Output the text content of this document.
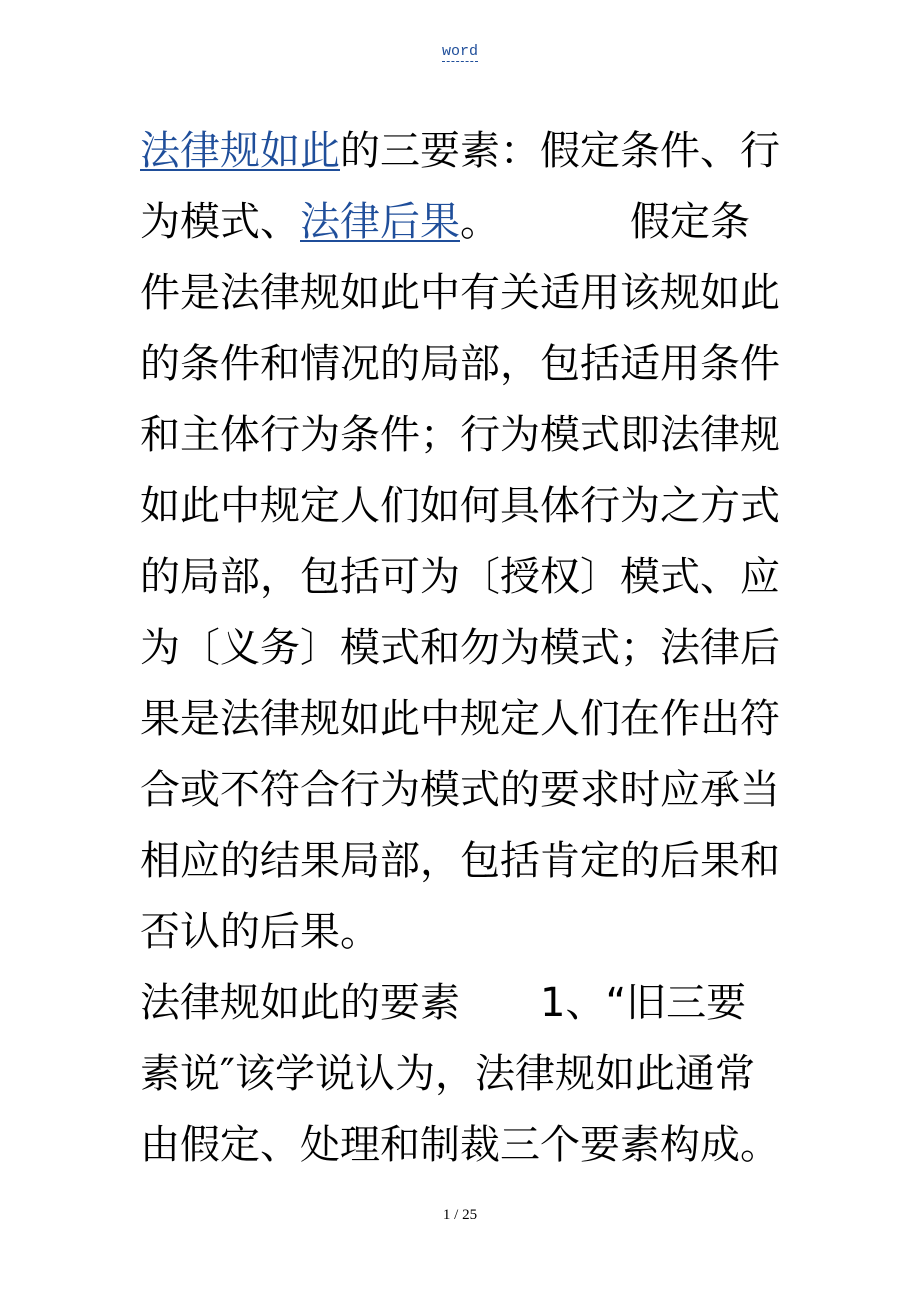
word

法律规如此的三要素：假定条件、行为模式、法律后果。	假定条件是法律规如此中有关适用该规如此的条件和情况的局部，包括适用条件和主体行为条件；行为模式即法律规如此中规定人们如何具体行为之方式的局部，包括可为〔授权〕模式、应为〔义务〕模式和勿为模式；法律后果是法律规如此中规定人们在作出符合或不符合行为模式的要求时应承当相应的结果局部，包括肯定的后果和否认的后果。

法律规如此的要素 1、“旧三要素说″该学说认为，法律规如此通常由假定、处理和制裁三个要素构成。

1 / 25
